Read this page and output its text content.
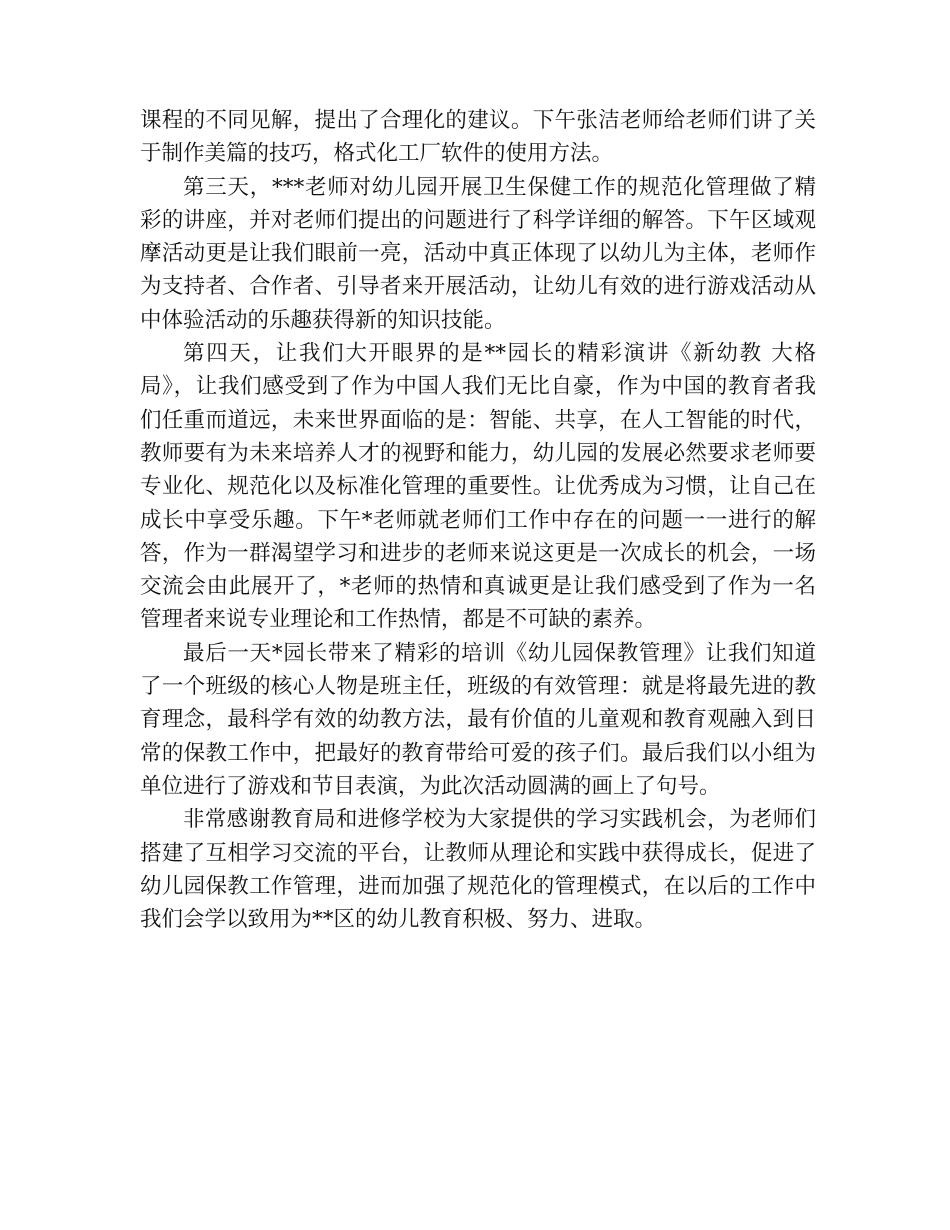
课程的不同见解，提出了合理化的建议。下午张洁老师给老师们讲了关于制作美篇的技巧，格式化工厂软件的使用方法。

第三天，***老师对幼儿园开展卫生保健工作的规范化管理做了精彩的讲座，并对老师们提出的问题进行了科学详细的解答。下午区域观摩活动更是让我们眼前一亮，活动中真正体现了以幼儿为主体，老师作为支持者、合作者、引导者来开展活动，让幼儿有效的进行游戏活动从中体验活动的乐趣获得新的知识技能。

第四天，让我们大开眼界的是**园长的精彩演讲《新幼教 大格局》，让我们感受到了作为中国人我们无比自豪，作为中国的教育者我们任重而道远，未来世界面临的是：智能、共享，在人工智能的时代，教师要有为未来培养人才的视野和能力，幼儿园的发展必然要求老师要专业化、规范化以及标准化管理的重要性。让优秀成为习惯，让自己在成长中享受乐趣。下午*老师就老师们工作中存在的问题一一进行的解答，作为一群渴望学习和进步的老师来说这更是一次成长的机会，一场交流会由此展开了，*老师的热情和真诚更是让我们感受到了作为一名管理者来说专业理论和工作热情，都是不可缺的素养。

最后一天*园长带来了精彩的培训《幼儿园保教管理》让我们知道了一个班级的核心人物是班主任，班级的有效管理：就是将最先进的教育理念，最科学有效的幼教方法，最有价值的儿童观和教育观融入到日常的保教工作中，把最好的教育带给可爱的孩子们。最后我们以小组为单位进行了游戏和节目表演，为此次活动圆满的画上了句号。

非常感谢教育局和进修学校为大家提供的学习实践机会，为老师们搭建了互相学习交流的平台，让教师从理论和实践中获得成长，促进了幼儿园保教工作管理，进而加强了规范化的管理模式，在以后的工作中我们会学以致用为**区的幼儿教育积极、努力、进取。
